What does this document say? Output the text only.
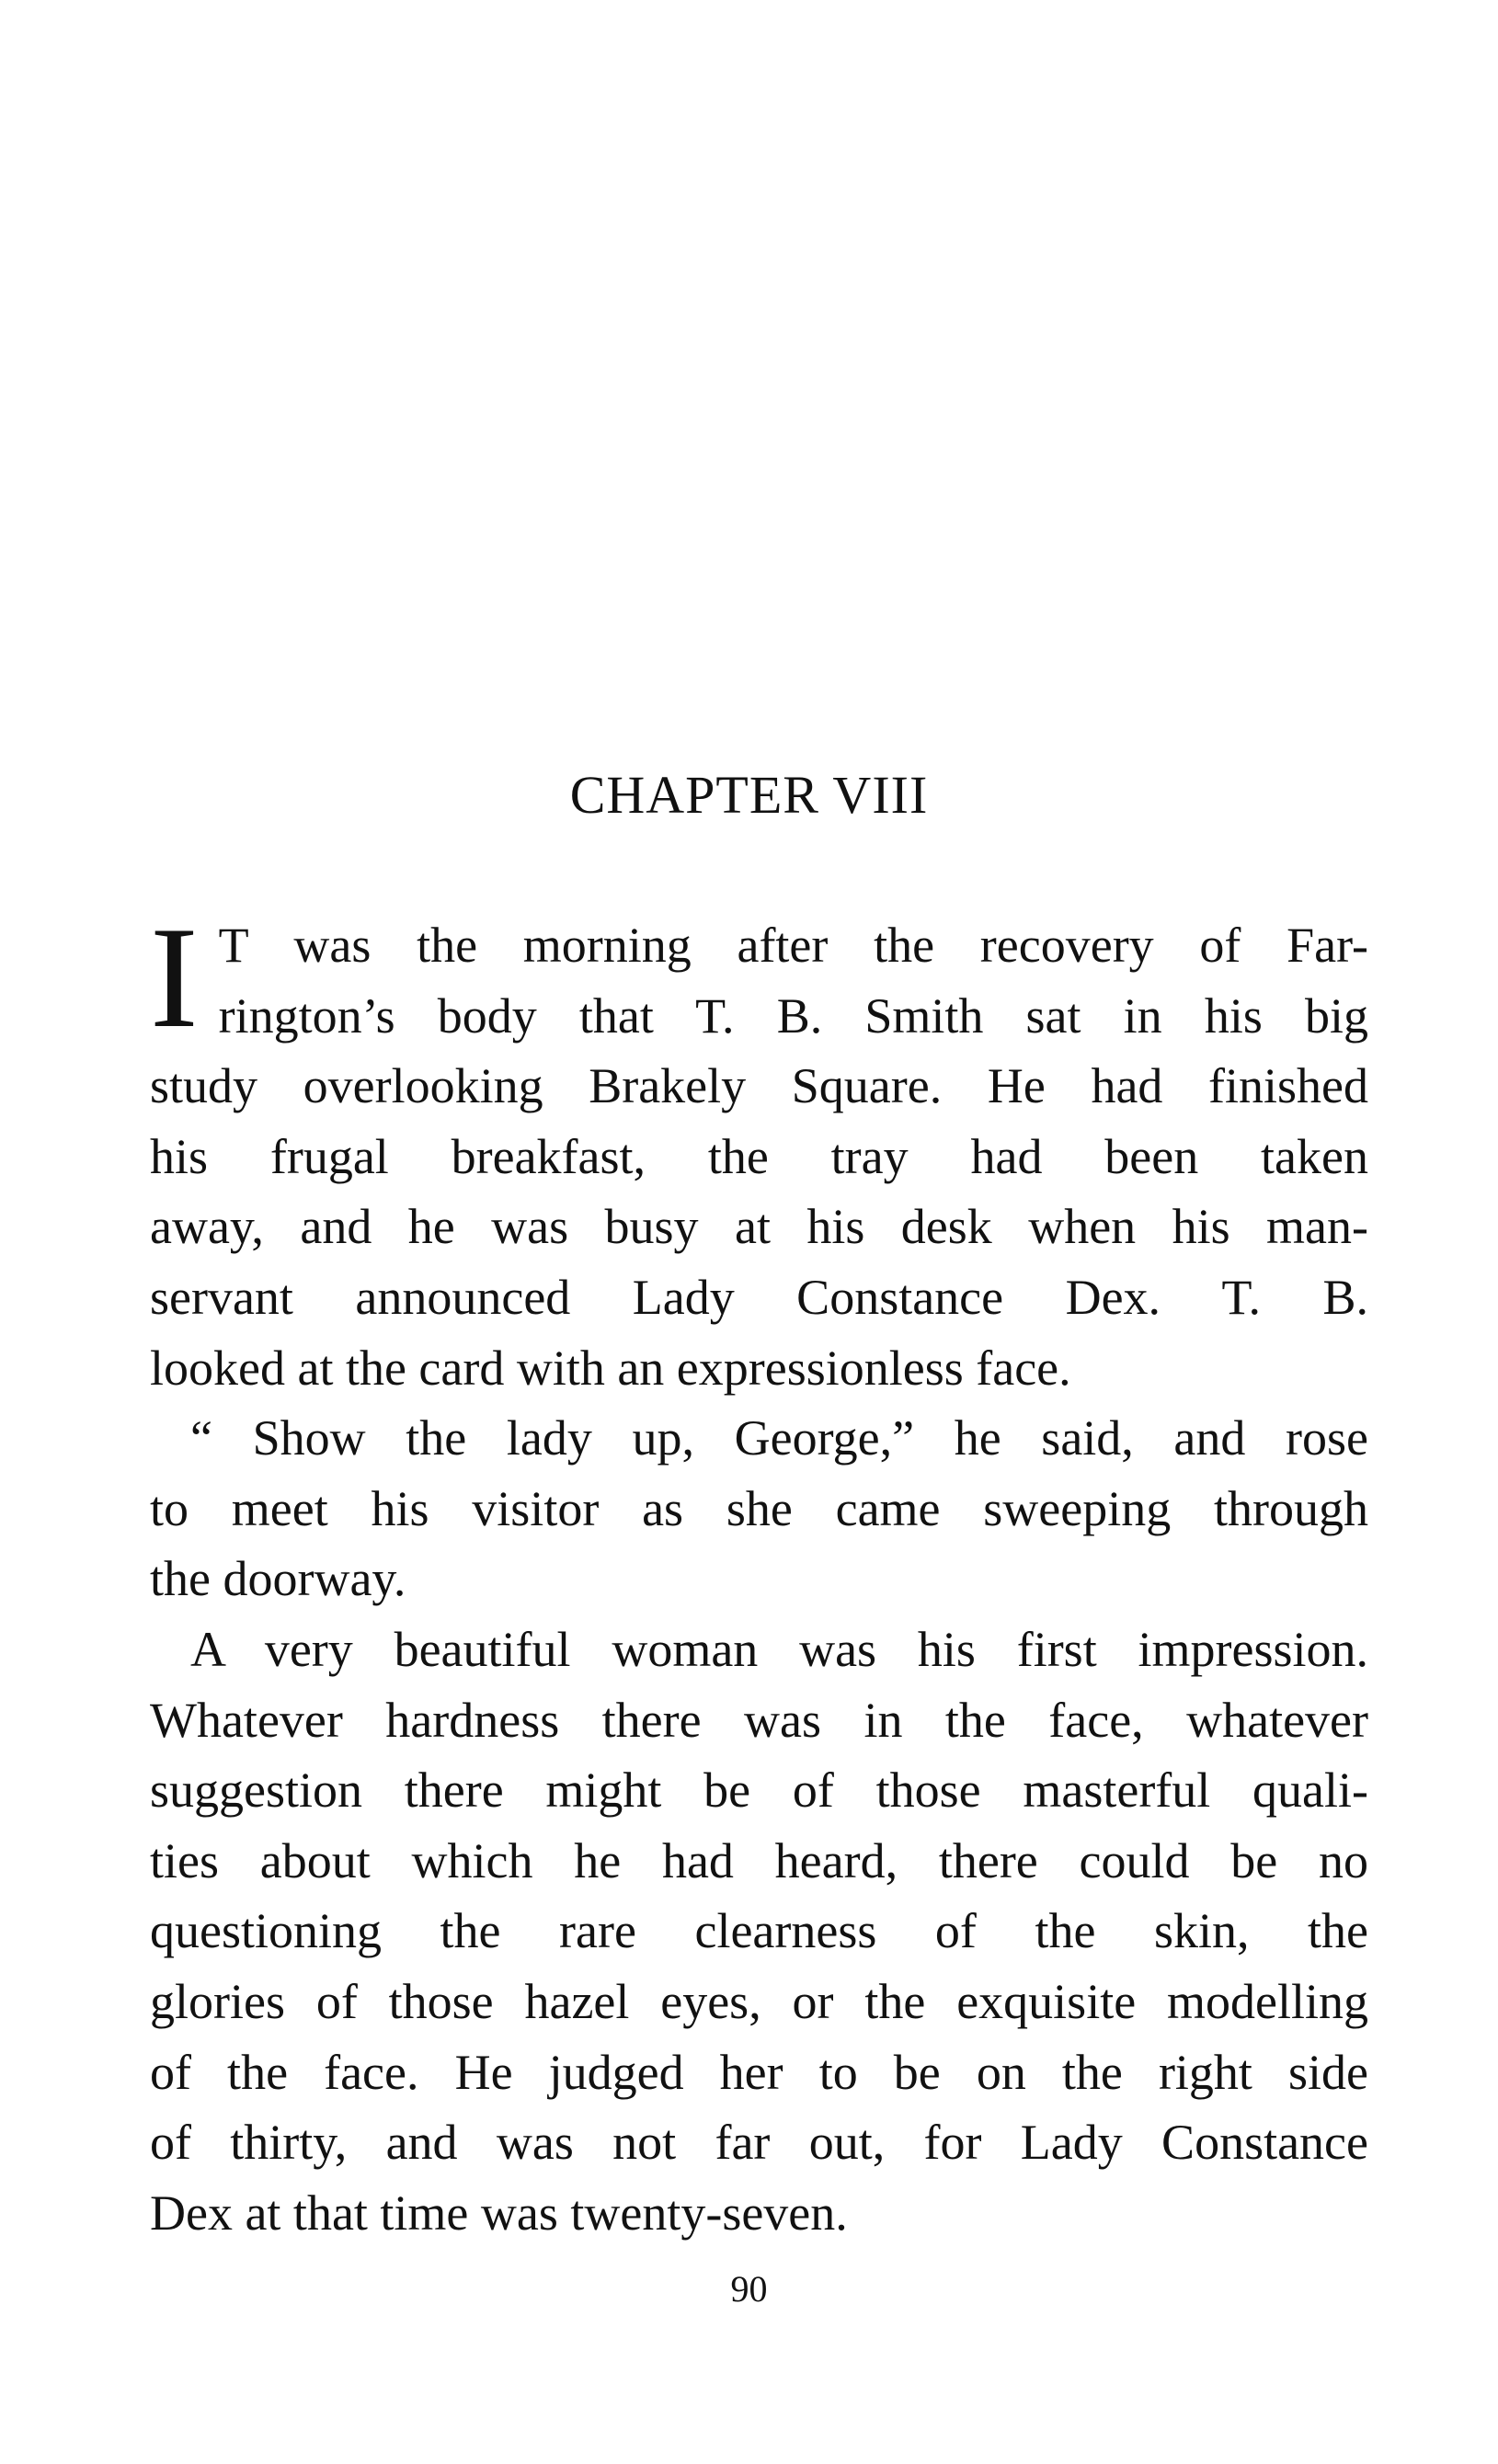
CHAPTER VIII

I T was the morning after the recovery of Far-
rington’s body that T. B. Smith sat in his big
study overlooking Brakely Square. He had finished
his frugal breakfast, the tray had been taken
away, and he was busy at his desk when his man-
servant announced Lady Constance Dex. T. B.
looked at the card with an expressionless face.

“ Show the lady up, George,” he said, and rose
to meet his visitor as she came sweeping through
the doorway.

A very beautiful woman was his first impression.
Whatever hardness there was in the face, whatever
suggestion there might be of those masterful quali-
ties about which he had heard, there could be no
questioning the rare clearness of the skin, the
glories of those hazel eyes, or the exquisite modelling
of the face. He judged her to be on the right side
of thirty, and was not far out, for Lady Constance
Dex at that time was twenty-seven.

90
